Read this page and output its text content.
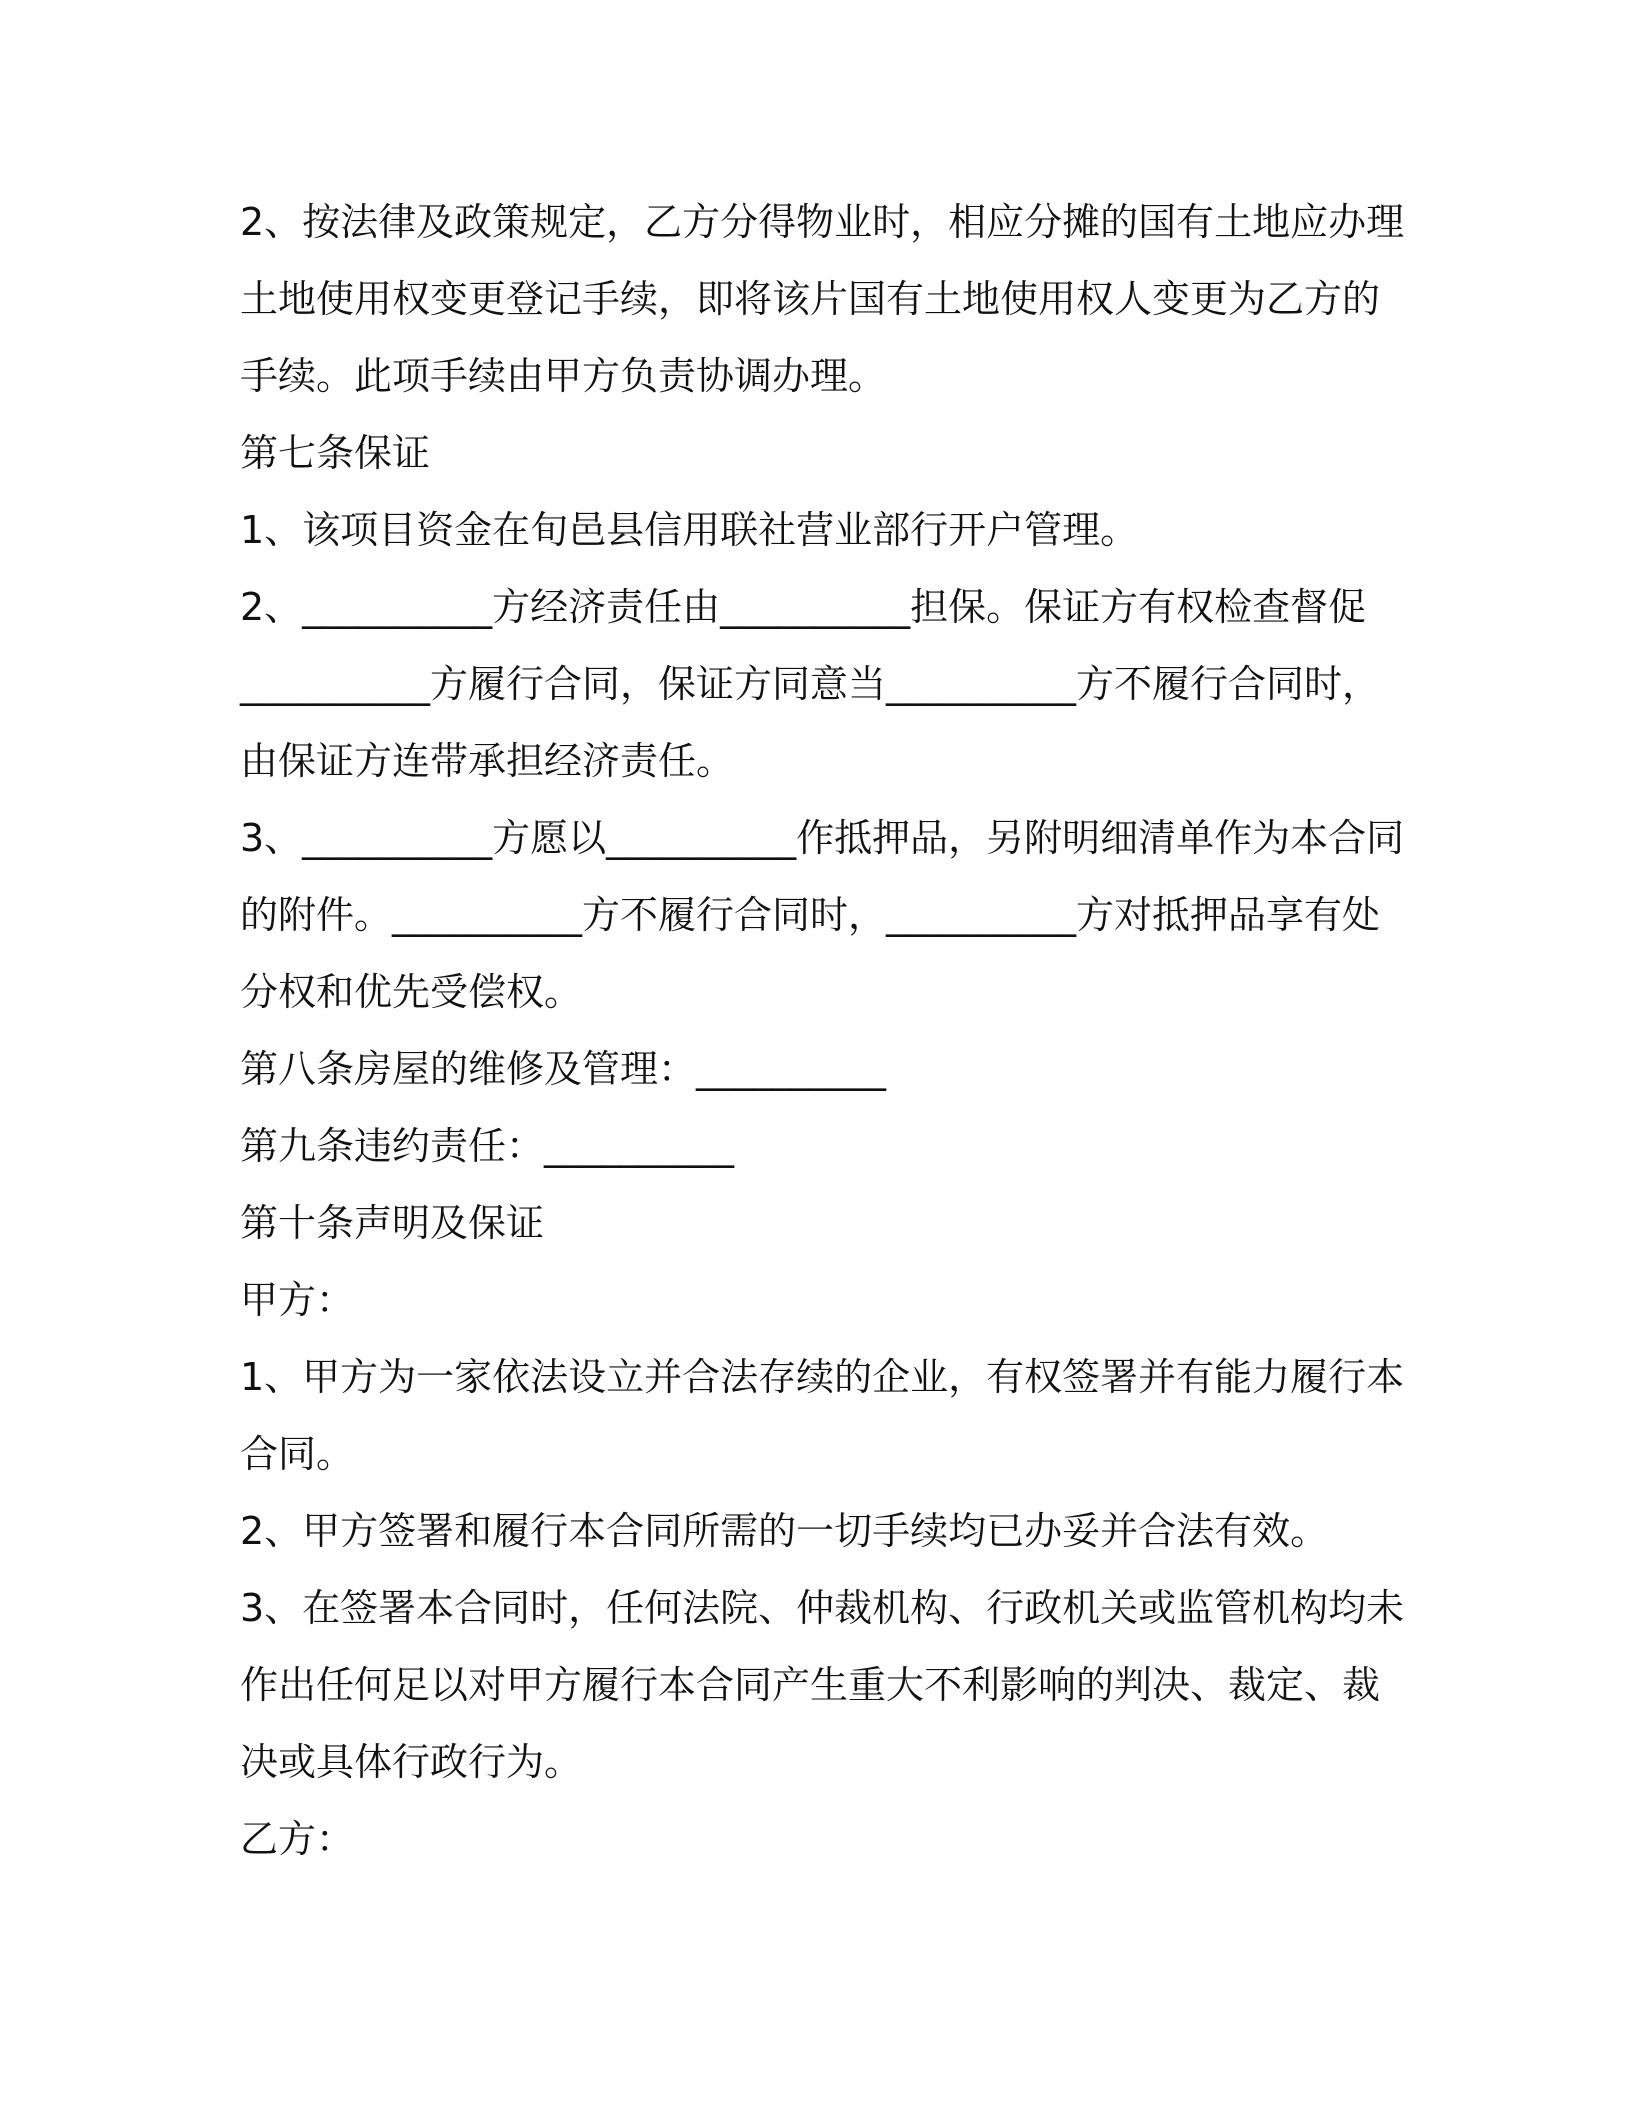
2、按法律及政策规定，乙方分得物业时，相应分摊的国有土地应办理
土地使用权变更登记手续，即将该片国有土地使用权人变更为乙方的
手续。此项手续由甲方负责协调办理。
第七条保证
1、该项目资金在旬邑县信用联社营业部行开户管理。
2、__________方经济责任由__________担保。保证方有权检查督促
__________方履行合同，保证方同意当__________方不履行合同时，
由保证方连带承担经济责任。
3、__________方愿以__________作抵押品，另附明细清单作为本合同
的附件。__________方不履行合同时，__________方对抵押品享有处
分权和优先受偿权。
第八条房屋的维修及管理：__________
第九条违约责任：__________
第十条声明及保证
甲方：
1、甲方为一家依法设立并合法存续的企业，有权签署并有能力履行本
合同。
2、甲方签署和履行本合同所需的一切手续均已办妥并合法有效。
3、在签署本合同时，任何法院、仲裁机构、行政机关或监管机构均未
作出任何足以对甲方履行本合同产生重大不利影响的判决、裁定、裁
决或具体行政行为。
乙方：
